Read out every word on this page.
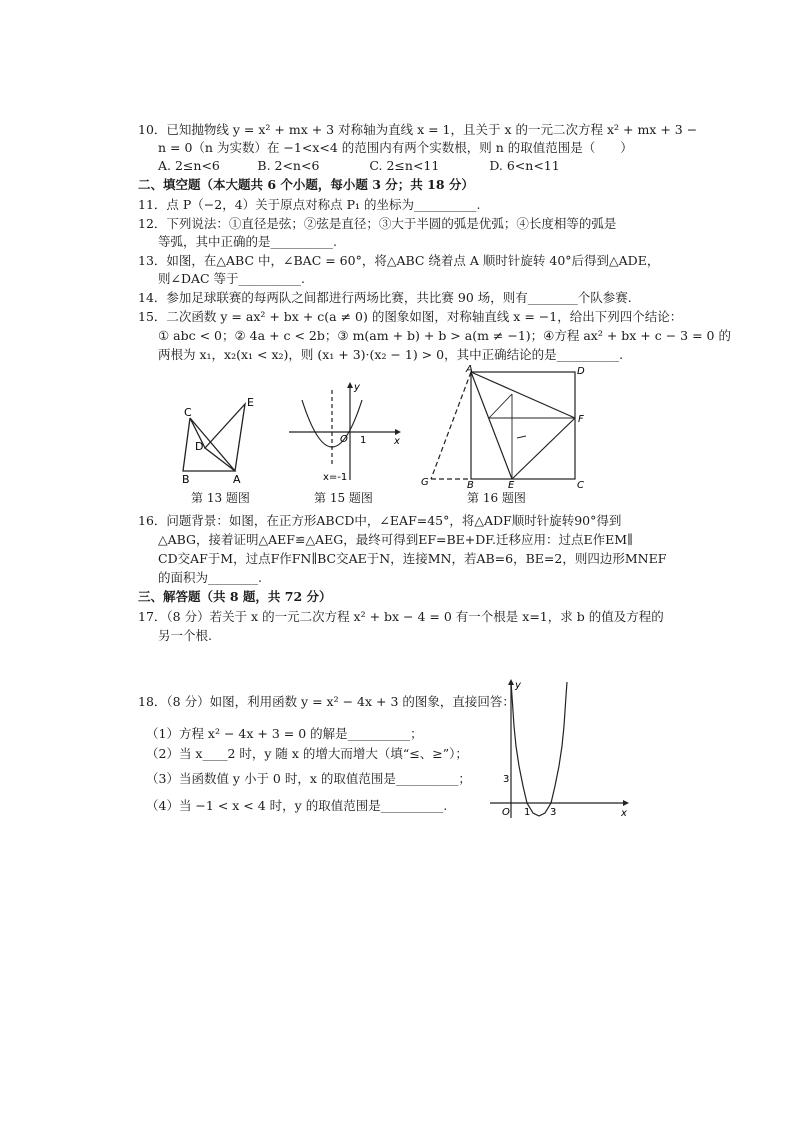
10．已知抛物线 y = x² + mx + 3 对称轴为直线 x = 1，且关于 x 的一元二次方程 x² + mx + 3 −
n = 0（n 为实数）在 −1<x<4 的范围内有两个实数根，则 n 的取值范围是（　　）
A. 2≤n<6　　　B. 2<n<6　　　　C. 2≤n<11　　　　D. 6<n<11
二、填空题（本大题共 6 个小题，每小题 3 分；共 18 分）
11．点 P（−2，4）关于原点对称点 P₁ 的坐标为__________.
12．下列说法：①直径是弦；②弦是直径；③大于半圆的弧是优弧；④长度相等的弧是
等弧，其中正确的是__________.
13．如图，在△ABC 中，∠BAC = 60°，将△ABC 绕着点 A 顺时针旋转 40°后得到△ADE，
则∠DAC 等于__________.
14．参加足球联赛的每两队之间都进行两场比赛，共比赛 90 场，则有________个队参赛.
15．二次函数 y = ax² + bx + c(a ≠ 0) 的图象如图，对称轴直线 x = −1，给出下列四个结论：
① abc < 0；② 4a + c < 2b；③ m(am + b) + b > a(m ≠ −1)；④方程 ax² + bx + c − 3 = 0 的
两根为 x₁，x₂(x₁ < x₂)，则 (x₁ + 3)·(x₂ − 1) > 0，其中正确结论的是__________.
C
E
D
B	A
第 13 题图
y
O 1	x
x=-1
第 15 题图
A	D
F
G	B	E	C
第 16 题图
16．问题背景：如图，在正方形ABCD中，∠EAF=45°，将△ADF顺时针旋转90°得到
△ABG，接着证明△AEF≌△AEG，最终可得到EF=BE+DF.迁移应用：过点E作EM∥
CD交AF于M，过点F作FN∥BC交AE于N，连接MN，若AB=6，BE=2，则四边形MNEF
的面积为________.
三、解答题（共 8 题，共 72 分）
17．（8 分）若关于 x 的一元二次方程 x² + bx − 4 = 0 有一个根是 x=1，求 b 的值及方程的
另一个根.
18．（8 分）如图，利用函数 y = x² − 4x + 3 的图象，直接回答：
（1）方程 x² − 4x + 3 = 0 的解是__________；
（2）当 x____2 时，y 随 x 的增大而增大（填“≤、≥”）；
（3）当函数值 y 小于 0 时，x 的取值范围是__________；
（4）当 −1 < x < 4 时，y 的取值范围是__________.
y
3
O 1 3	x
